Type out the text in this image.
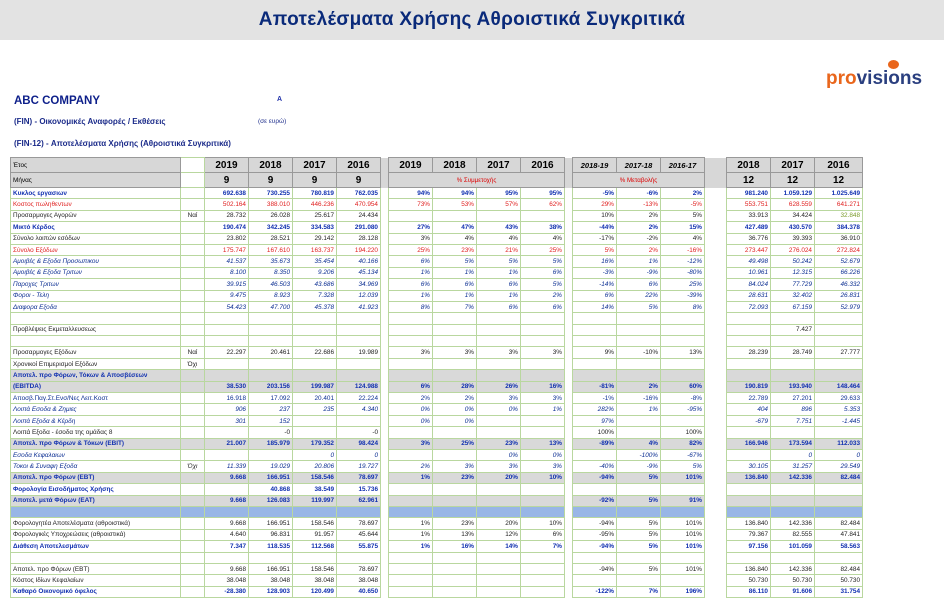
Αποτελέσματα Χρήσης Αθροιστικά Συγκριτικά
provisions
ABC COMPANY	A
(FIN) - Οικονομικές Αναφορές / Εκθέσεις	(σε ευρώ)
(FIN-12) - Αποτελέσματα Χρήσης (Αθροιστικά Συγκριτικά)
Έτος		2019	2018	2017	2016		2019	2018	2017	2016		2018-19	2017-18	2016-17		2018	2017	2016
Μήνας		9	9	9	9		% Συμμετοχής					% Μεταβολής				12	12	12
Κυκλος εργασιων		692.638	730.255	780.819	762.035		94%	94%	95%	95%		-5%	-6%	2%		981.240	1.059.129	1.025.649
Κοστος πωληθεντων		502.164	388.010	446.236	470.954		73%	53%	57%	62%		29%	-13%	-5%		553.751	628.559	641.271
Προσαρμογες Αγορών	Ναί	28.732	26.028	25.617	24.434							10%	2%	5%		33.913	34.424	32.848
Μικτό Κέρδος		190.474	342.245	334.583	291.080		27%	47%	43%	38%		-44%	2%	15%		427.489	430.570	384.378
Σύνολο λοιπών εσόδων		23.802	28.521	29.142	28.128		3%	4%	4%	4%		-17%	-2%	4%		36.776	39.393	36.910
Σύνολο Εξόδων		175.747	167.610	163.737	194.220		25%	23%	21%	25%		5%	2%	-16%		273.447	276.024	272.824
Αμοιβές & Εξοδα Προσωπικου		41.537	35.673	35.454	40.166		6%	5%	5%	5%		16%	1%	-12%		49.498	50.242	52.679
Αμοιβές & Εξοδα Τριτων		8.100	8.350	9.206	45.134		1%	1%	1%	6%		-3%	-9%	-80%		10.961	12.315	66.226
Παροχες Τριτων		39.915	46.503	43.686	34.969		6%	6%	6%	5%		-14%	6%	25%		84.024	77.729	46.332
Φοροι - Τελη		9.475	8.923	7.328	12.039		1%	1%	1%	2%		6%	22%	-39%		28.631	32.402	26.831
Διαφορα Εξοδα		54.423	47.700	45.378	41.923		8%	7%	6%	6%		14%	5%	8%		72.093	67.159	52.979

Προβλέψεις Εκμεταλλευσεως																	7.427	

Προσαρμογες Εξόδων	Ναί	22.297	20.461	22.686	19.989		3%	3%	3%	3%		9%	-10%	13%		28.239	28.749	27.777
Χρονικοί Επιμερισμοί Εξόδων	Όχι																	
Αποτελ. προ Φόρων, Τόκων & Αποσβέσεων																		
(EBITDA)		38.530	203.156	199.987	124.988		6%	28%	26%	16%		-81%	2%	60%		190.819	193.940	148.464
Αποσβ.Παγ.Στ.Ενσ/Νες Λειτ.Κοστ		16.918	17.092	20.401	22.224		2%	2%	3%	3%		-1%	-16%	-8%		22.789	27.201	29.633
Λοιπά Εσοδα & Ζημιες		906	237	235	4.340		0%	0%	0%	1%		282%	1%	-95%		404	896	5.353
Λοιπά Εξοδα & Κέρδη		301	152				0%	0%				97%				-679	7.751	-1.445
Λοιπά Εξοδα - έσοδα της ομάδας 8			-0		-0							100%		100%				
Αποτελ. προ Φόρων & Τόκων (EBIT)		21.007	185.979	179.352	98.424		3%	25%	23%	13%		-89%	4%	82%		166.946	173.594	112.033
Εσοδα Κεφαλαιων				0	0				0%	0%			-100%	-67%			0	0
Τοκοι & Συναφη Εξοδα	Όχι	11.339	19.029	20.806	19.727		2%	3%	3%	3%		-40%	-9%	5%		30.105	31.257	29.549
Αποτελ. προ Φόρων (EBT)		9.668	166.951	158.546	78.697		1%	23%	20%	10%		-94%	5%	101%		136.840	142.336	82.484
Φορολογία Εισοδήματος Χρήσης			40.868	38.549	15.736													
Αποτελ. μετά Φόρων (EAT)		9.668	126.083	119.997	62.961							-92%	5%	91%				

Φορολογητέα Αποτελέσματα (αθροιστικά)		9.668	166.951	158.546	78.697		1%	23%	20%	10%		-94%	5%	101%		136.840	142.336	82.484
Φορολογικές Υποχρεώσεις (αθροιστικά)		4.640	96.831	91.957	45.644		1%	13%	12%	6%		-95%	5%	101%		79.367	82.555	47.841
Διάθεση Αποτελεσμάτων		7.347	118.535	112.568	55.875		1%	16%	14%	7%		-94%	5%	101%		97.156	101.059	58.563

Αποτελ. προ Φόρων (EBT)		9.668	166.951	158.546	78.697							-94%	5%	101%		136.840	142.336	82.484
Κόστος Ιδίων Κεφαλαίων		38.048	38.048	38.048	38.048											50.730	50.730	50.730
Καθαρό Οικονομικό όφελος		-28.380	128.903	120.499	40.650							-122%	7%	196%		86.110	91.606	31.754
